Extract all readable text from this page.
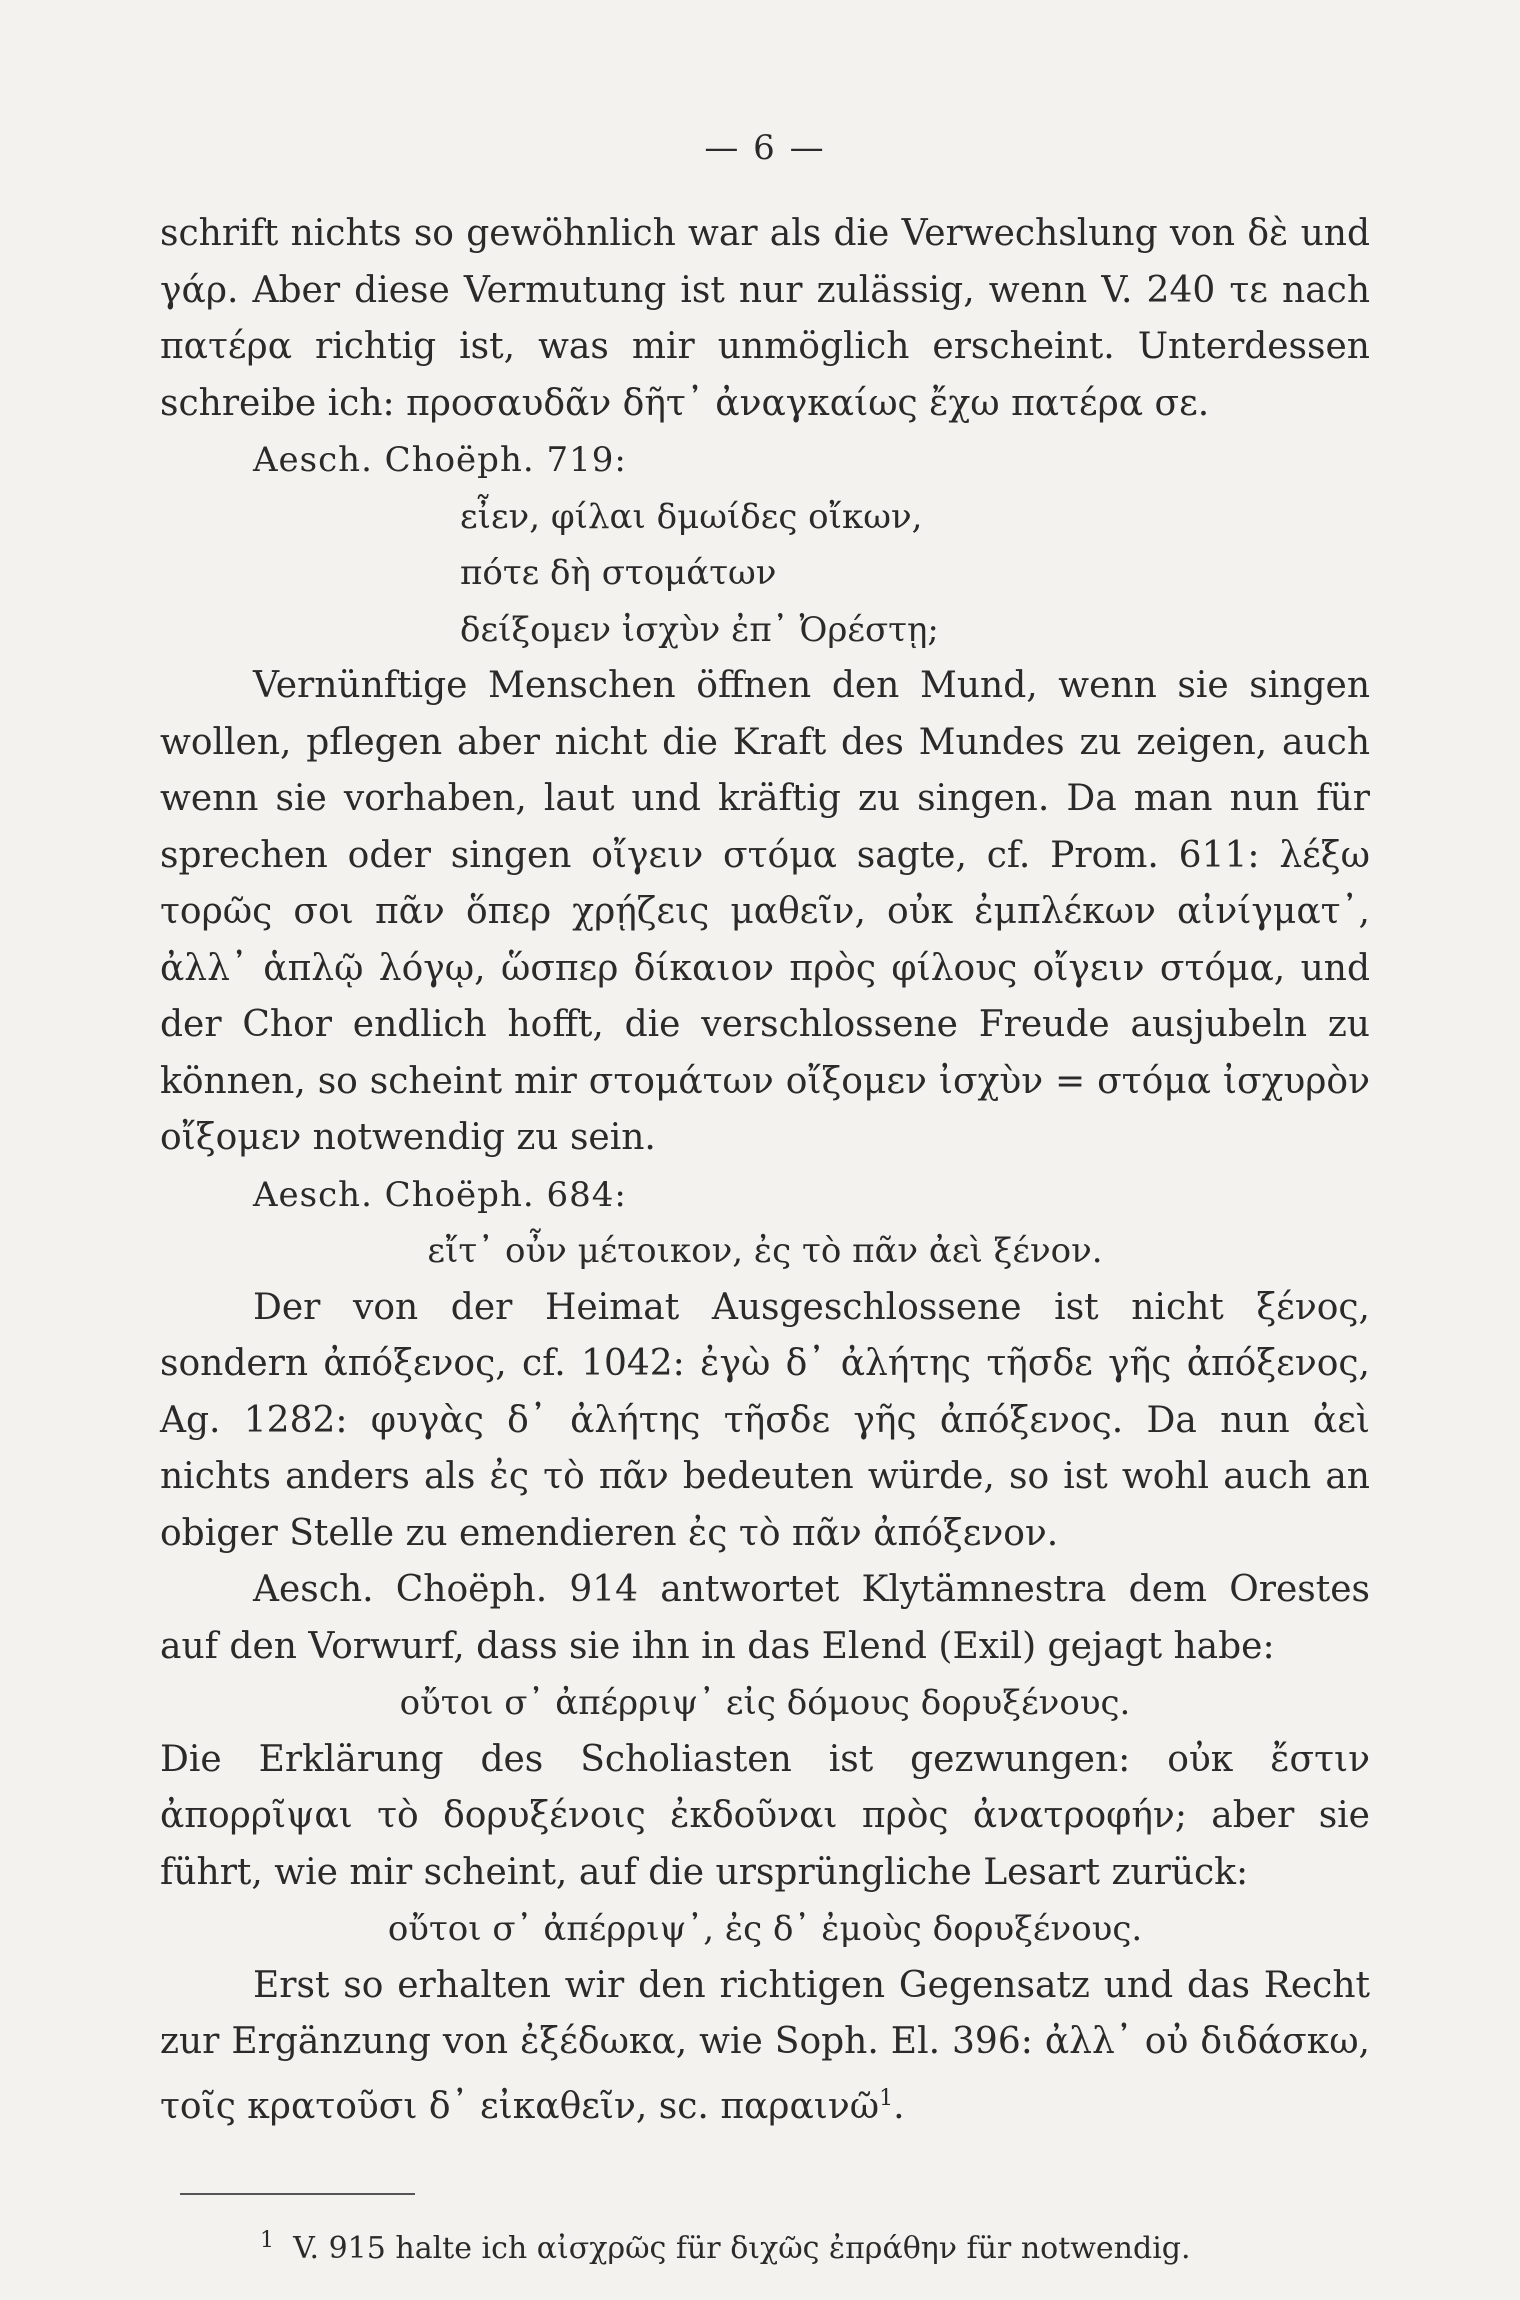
— 6 —

schrift nichts so gewöhnlich war als die Verwechslung von δὲ und γάρ. Aber diese Vermutung ist nur zulässig, wenn V. 240 τε nach πατέρα richtig ist, was mir unmöglich erscheint. Unterdessen schreibe ich: προσαυδᾶν δῆτ᾽ ἀναγκαίως ἔχω πατέρα σε.

Aesch. Choëph. 719:

εἶεν, φίλαι δμωίδες οἴκων,
πότε δὴ στομάτων
δείξομεν ἰσχὺν ἐπ᾽ Ὀρέστῃ;

Vernünftige Menschen öffnen den Mund, wenn sie singen wollen, pflegen aber nicht die Kraft des Mundes zu zeigen, auch wenn sie vorhaben, laut und kräftig zu singen. Da man nun für sprechen oder singen οἴγειν στόμα sagte, cf. Prom. 611: λέξω τορῶς σοι πᾶν ὅπερ χρῄζεις μαθεῖν, οὐκ ἐμπλέκων αἰνίγματ᾽, ἀλλ᾽ ἁπλῷ λόγῳ, ὥσπερ δίκαιον πρὸς φίλους οἴγειν στόμα, und der Chor endlich hofft, die verschlossene Freude ausjubeln zu können, so scheint mir στομάτων οἴξομεν ἰσχὺν = στόμα ἰσχυρὸν οἴξομεν notwendig zu sein.

Aesch. Choëph. 684:

εἴτ᾽ οὖν μέτοικον, ἐς τὸ πᾶν ἀεὶ ξένον.

Der von der Heimat Ausgeschlossene ist nicht ξένος, sondern ἀπόξενος, cf. 1042: ἐγὼ δ᾽ ἀλήτης τῆσδε γῆς ἀπόξενος, Ag. 1282: φυγὰς δ᾽ ἀλήτης τῆσδε γῆς ἀπόξενος. Da nun ἀεὶ nichts anders als ἐς τὸ πᾶν bedeuten würde, so ist wohl auch an obiger Stelle zu emendieren ἐς τὸ πᾶν ἀπόξενον.

Aesch. Choëph. 914 antwortet Klytämnestra dem Orestes auf den Vorwurf, dass sie ihn in das Elend (Exil) gejagt habe:

οὔτοι σ᾽ ἀπέρριψ᾽ εἰς δόμους δορυξένους.

Die Erklärung des Scholiasten ist gezwungen: οὐκ ἔστιν ἀπορρῖψαι τὸ δορυξένοις ἐκδοῦναι πρὸς ἀνατροφήν; aber sie führt, wie mir scheint, auf die ursprüngliche Lesart zurück:

οὔτοι σ᾽ ἀπέρριψ᾽, ἐς δ᾽ ἐμοὺς δορυξένους.

Erst so erhalten wir den richtigen Gegensatz und das Recht zur Ergänzung von ἐξέδωκα, wie Soph. El. 396: ἀλλ᾽ οὐ διδάσκω, τοῖς κρατοῦσι δ᾽ εἰκαθεῖν, sc. παραινῶ$^1$.

$^1$ V. 915 halte ich αἰσχρῶς für διχῶς ἐπράθην für notwendig.
